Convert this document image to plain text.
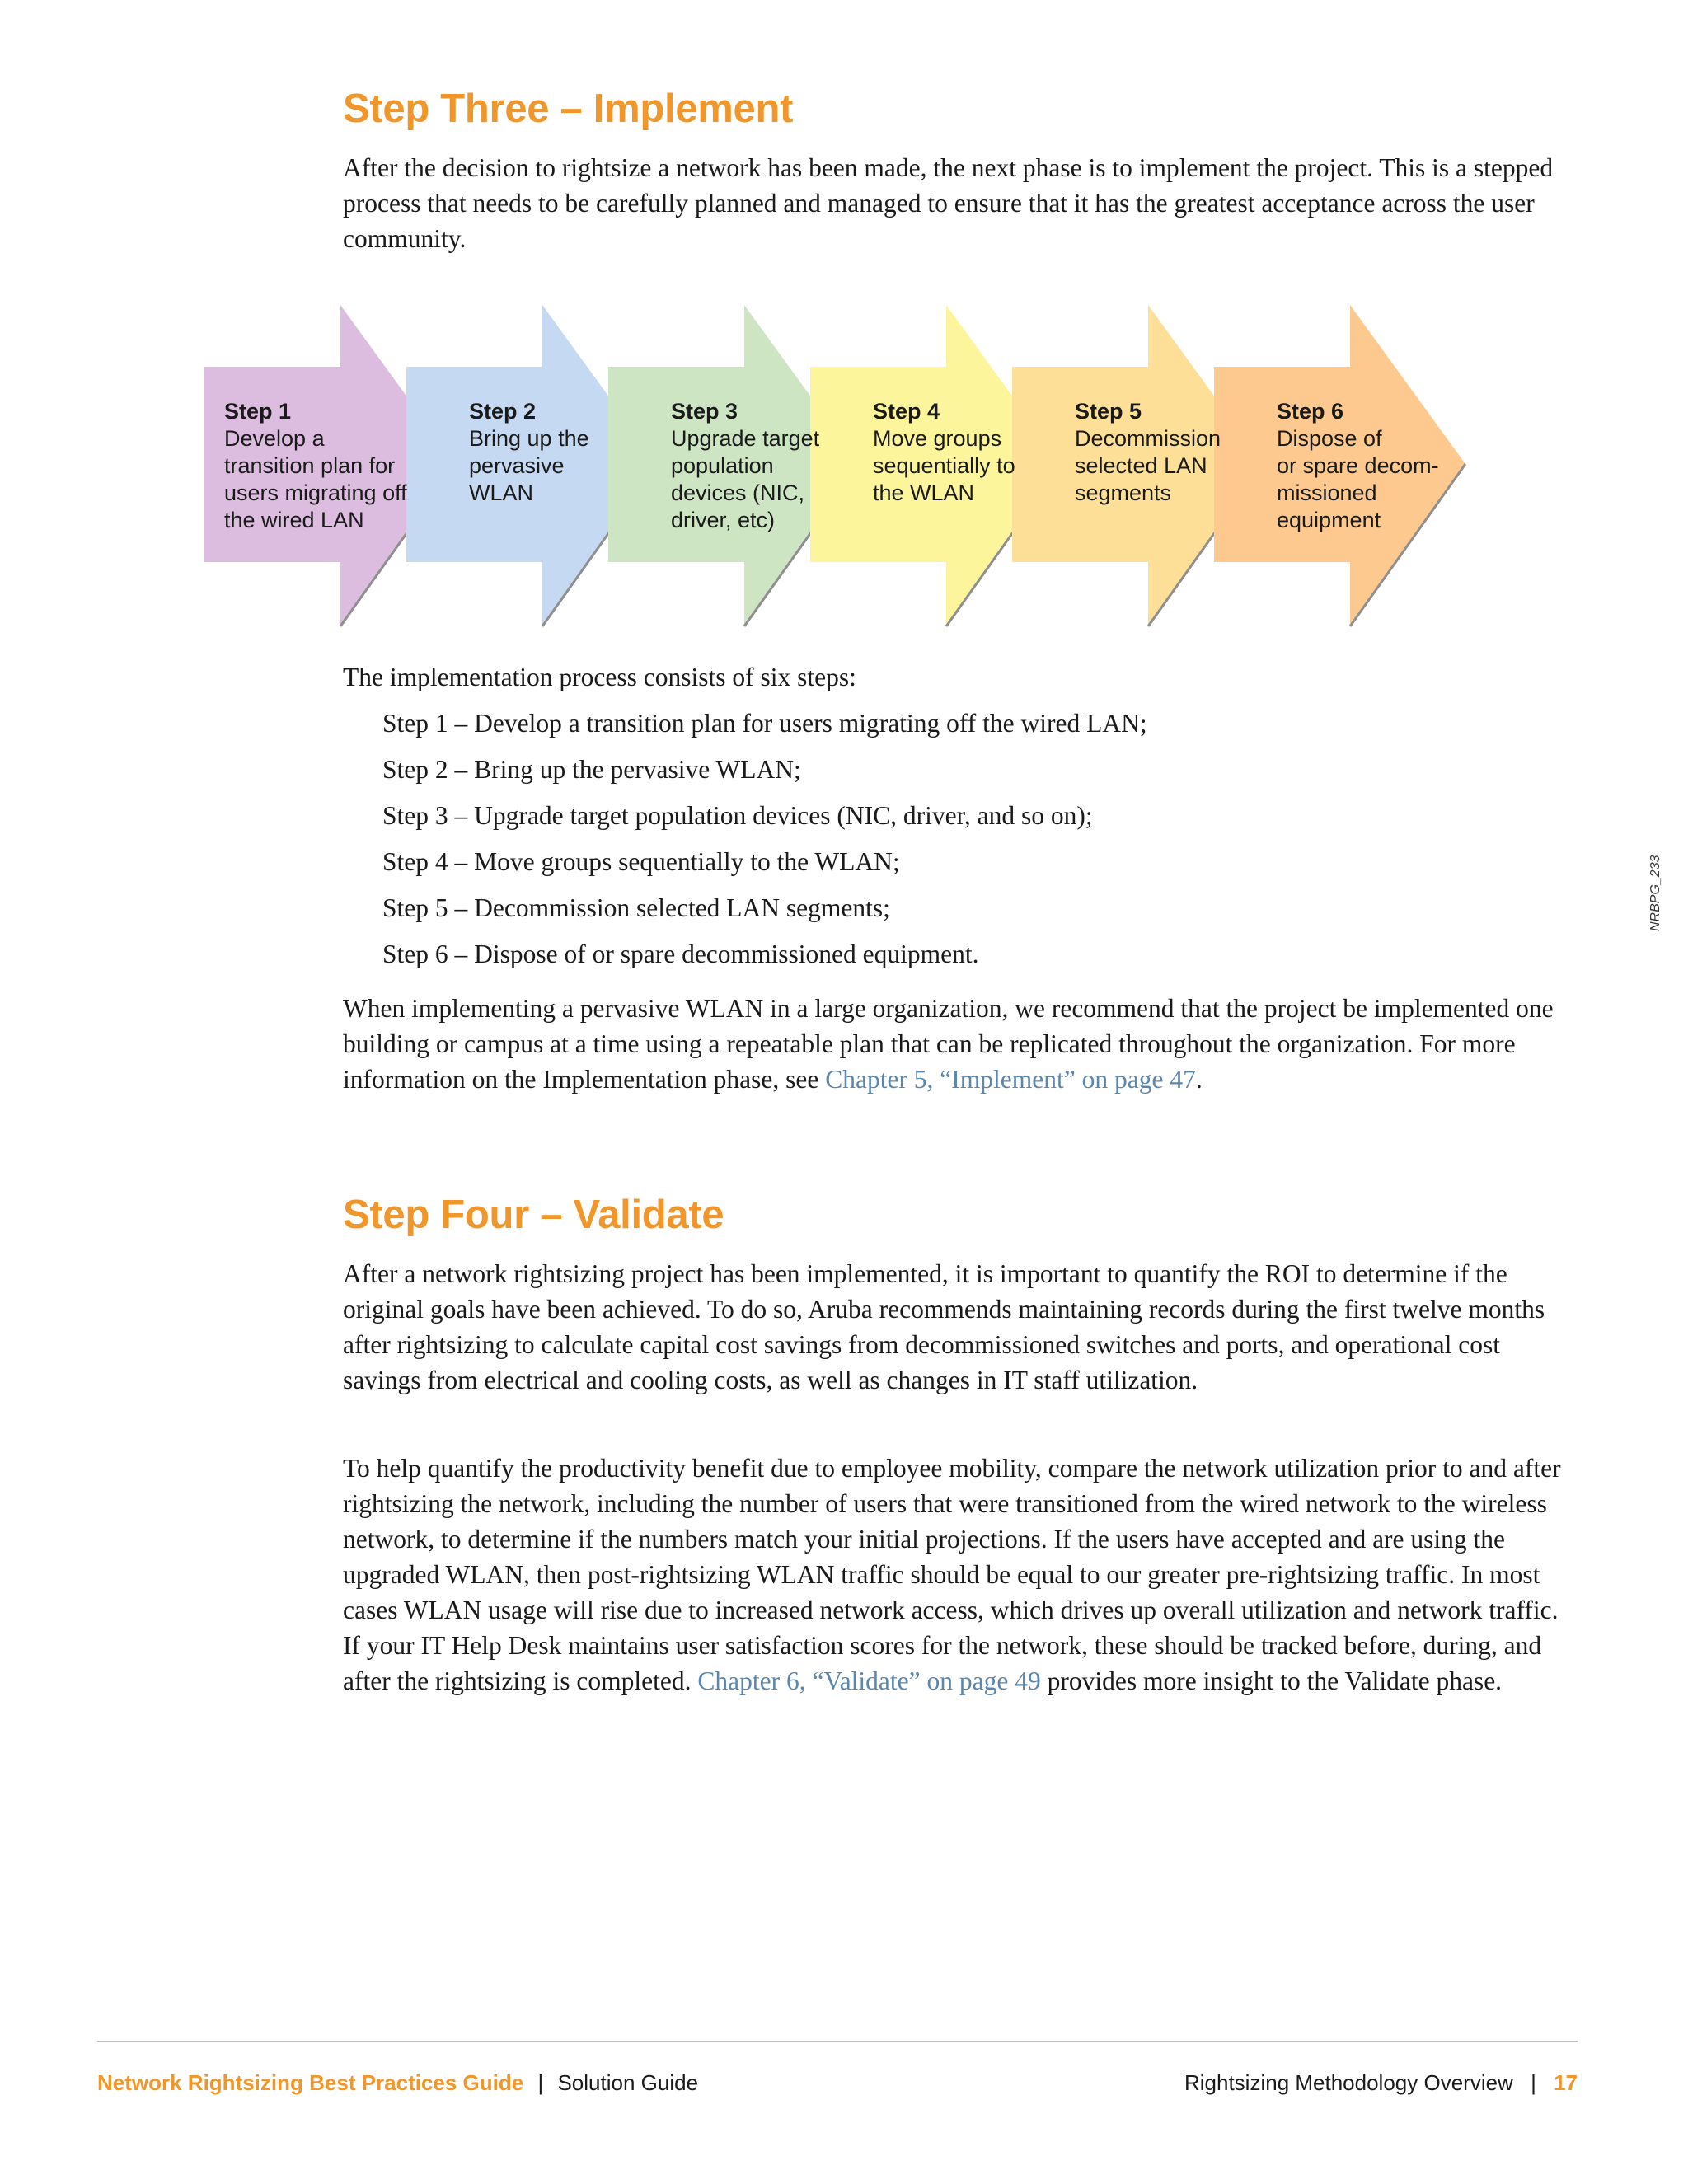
Step Three – Implement

After the decision to rightsize a network has been made, the next phase is to implement the project. This is a stepped process that needs to be carefully planned and managed to ensure that it has the greatest acceptance across the user community.

Step 1
Develop a
transition plan for
users migrating off
the wired LAN
Step 2
Bring up the
pervasive
WLAN
Step 3
Upgrade target
population
devices (NIC,
driver, etc)
Step 4
Move groups
sequentially to
the WLAN
Step 5
Decommission
selected LAN
segments
Step 6
Dispose of
or spare decom-
missioned
equipment
NRBPG_233

The implementation process consists of six steps:

Step 1 – Develop a transition plan for users migrating off the wired LAN;
Step 2 – Bring up the pervasive WLAN;
Step 3 – Upgrade target population devices (NIC, driver, and so on);
Step 4 – Move groups sequentially to the WLAN;
Step 5 – Decommission selected LAN segments;
Step 6 – Dispose of or spare decommissioned equipment.

When implementing a pervasive WLAN in a large organization, we recommend that the project be implemented one building or campus at a time using a repeatable plan that can be replicated throughout the organization. For more information on the Implementation phase, see Chapter 5, “Implement” on page 47.

Step Four – Validate

After a network rightsizing project has been implemented, it is important to quantify the ROI to determine if the original goals have been achieved. To do so, Aruba recommends maintaining records during the first twelve months after rightsizing to calculate capital cost savings from decommissioned switches and ports, and operational cost savings from electrical and cooling costs, as well as changes in IT staff utilization.

To help quantify the productivity benefit due to employee mobility, compare the network utilization prior to and after rightsizing the network, including the number of users that were transitioned from the wired network to the wireless network, to determine if the numbers match your initial projections. If the users have accepted and are using the upgraded WLAN, then post-rightsizing WLAN traffic should be equal to our greater pre-rightsizing traffic. In most cases WLAN usage will rise due to increased network access, which drives up overall utilization and network traffic. If your IT Help Desk maintains user satisfaction scores for the network, these should be tracked before, during, and after the rightsizing is completed. Chapter 6, “Validate” on page 49 provides more insight to the Validate phase.

Network Rightsizing Best Practices Guide | Solution Guide	Rightsizing Methodology Overview | 17
